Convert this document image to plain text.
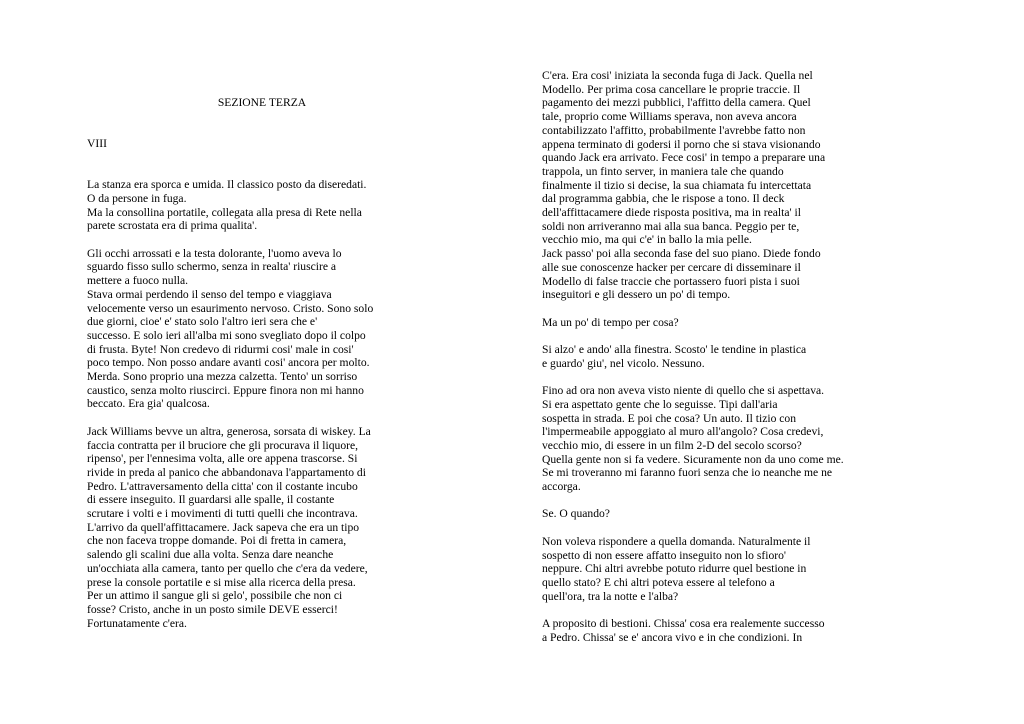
SEZIONE TERZA
VIII
La stanza era sporca e umida. Il classico posto da diseredati.
O da persone in fuga.
Ma la consollina portatile, collegata alla presa di Rete nella
parete scrostata era di prima qualita'.
Gli occhi arrossati e la testa dolorante, l'uomo aveva lo
sguardo fisso sullo schermo, senza in realta' riuscire a
mettere a fuoco nulla.
Stava ormai perdendo il senso del tempo e viaggiava
velocemente verso un esaurimento nervoso. Cristo. Sono solo
due giorni, cioe' e' stato solo l'altro ieri sera che e'
successo. E solo ieri all'alba mi sono svegliato dopo il colpo
di frusta. Byte! Non credevo di ridurmi cosi' male in cosi'
poco tempo. Non posso andare avanti cosi' ancora per molto.
Merda. Sono proprio una mezza calzetta. Tento' un sorriso
caustico, senza molto riuscirci. Eppure finora non mi hanno
beccato. Era gia' qualcosa.
Jack Williams bevve un altra, generosa, sorsata di wiskey. La
faccia contratta per il bruciore che gli procurava il liquore,
ripenso', per l'ennesima volta, alle ore appena trascorse. Si
rivide in preda al panico che abbandonava l'appartamento di
Pedro. L'attraversamento della citta' con il costante incubo
di essere inseguito. Il guardarsi alle spalle, il costante
scrutare i volti e i movimenti di tutti quelli che incontrava.
L'arrivo da quell'affittacamere. Jack sapeva che era un tipo
che non faceva troppe domande. Poi di fretta in camera,
salendo gli scalini due alla volta. Senza dare neanche
un'occhiata alla camera, tanto per quello che c'era da vedere,
prese la console portatile e si mise alla ricerca della presa.
Per un attimo il sangue gli si gelo', possibile che non ci
fosse? Cristo, anche in un posto simile DEVE esserci!
Fortunatamente c'era.
C'era. Era cosi' iniziata la seconda fuga di Jack. Quella nel
Modello. Per prima cosa cancellare le proprie traccie. Il
pagamento dei mezzi pubblici, l'affitto della camera. Quel
tale, proprio come Williams sperava, non aveva ancora
contabilizzato l'affitto, probabilmente l'avrebbe fatto non
appena terminato di godersi il porno che si stava visionando
quando Jack era arrivato. Fece cosi' in tempo a preparare una
trappola, un finto server, in maniera tale che quando
finalmente il tizio si decise, la sua chiamata fu intercettata
dal programma gabbia, che le rispose a tono. Il deck
dell'affittacamere diede risposta positiva, ma in realta' il
soldi non arriveranno mai alla sua banca. Peggio per te,
vecchio mio, ma qui c'e' in ballo la mia pelle.
Jack passo' poi alla seconda fase del suo piano. Diede fondo
alle sue conoscenze hacker per cercare di disseminare il
Modello di false traccie che portassero fuori pista i suoi
inseguitori e gli dessero un po' di tempo.
Ma un po' di tempo per cosa?
Si alzo' e ando' alla finestra. Scosto' le tendine in plastica
e guardo' giu', nel vicolo. Nessuno.
Fino ad ora non aveva visto niente di quello che si aspettava.
Si era aspettato gente che lo seguisse. Tipi dall'aria
sospetta in strada. E poi che cosa? Un auto. Il tizio con
l'impermeabile appoggiato al muro all'angolo? Cosa credevi,
vecchio mio, di essere in un film 2-D del secolo scorso?
Quella gente non si fa vedere. Sicuramente non da uno come me.
Se mi troveranno mi faranno fuori senza che io neanche me ne
accorga.
Se. O quando?
Non voleva rispondere a quella domanda. Naturalmente il
sospetto di non essere affatto inseguito non lo sfioro'
neppure. Chi altri avrebbe potuto ridurre quel bestione in
quello stato? E chi altri poteva essere al telefono a
quell'ora, tra la notte e l'alba?
A proposito di bestioni. Chissa' cosa era realemente successo
a Pedro. Chissa' se e' ancora vivo e in che condizioni. In
